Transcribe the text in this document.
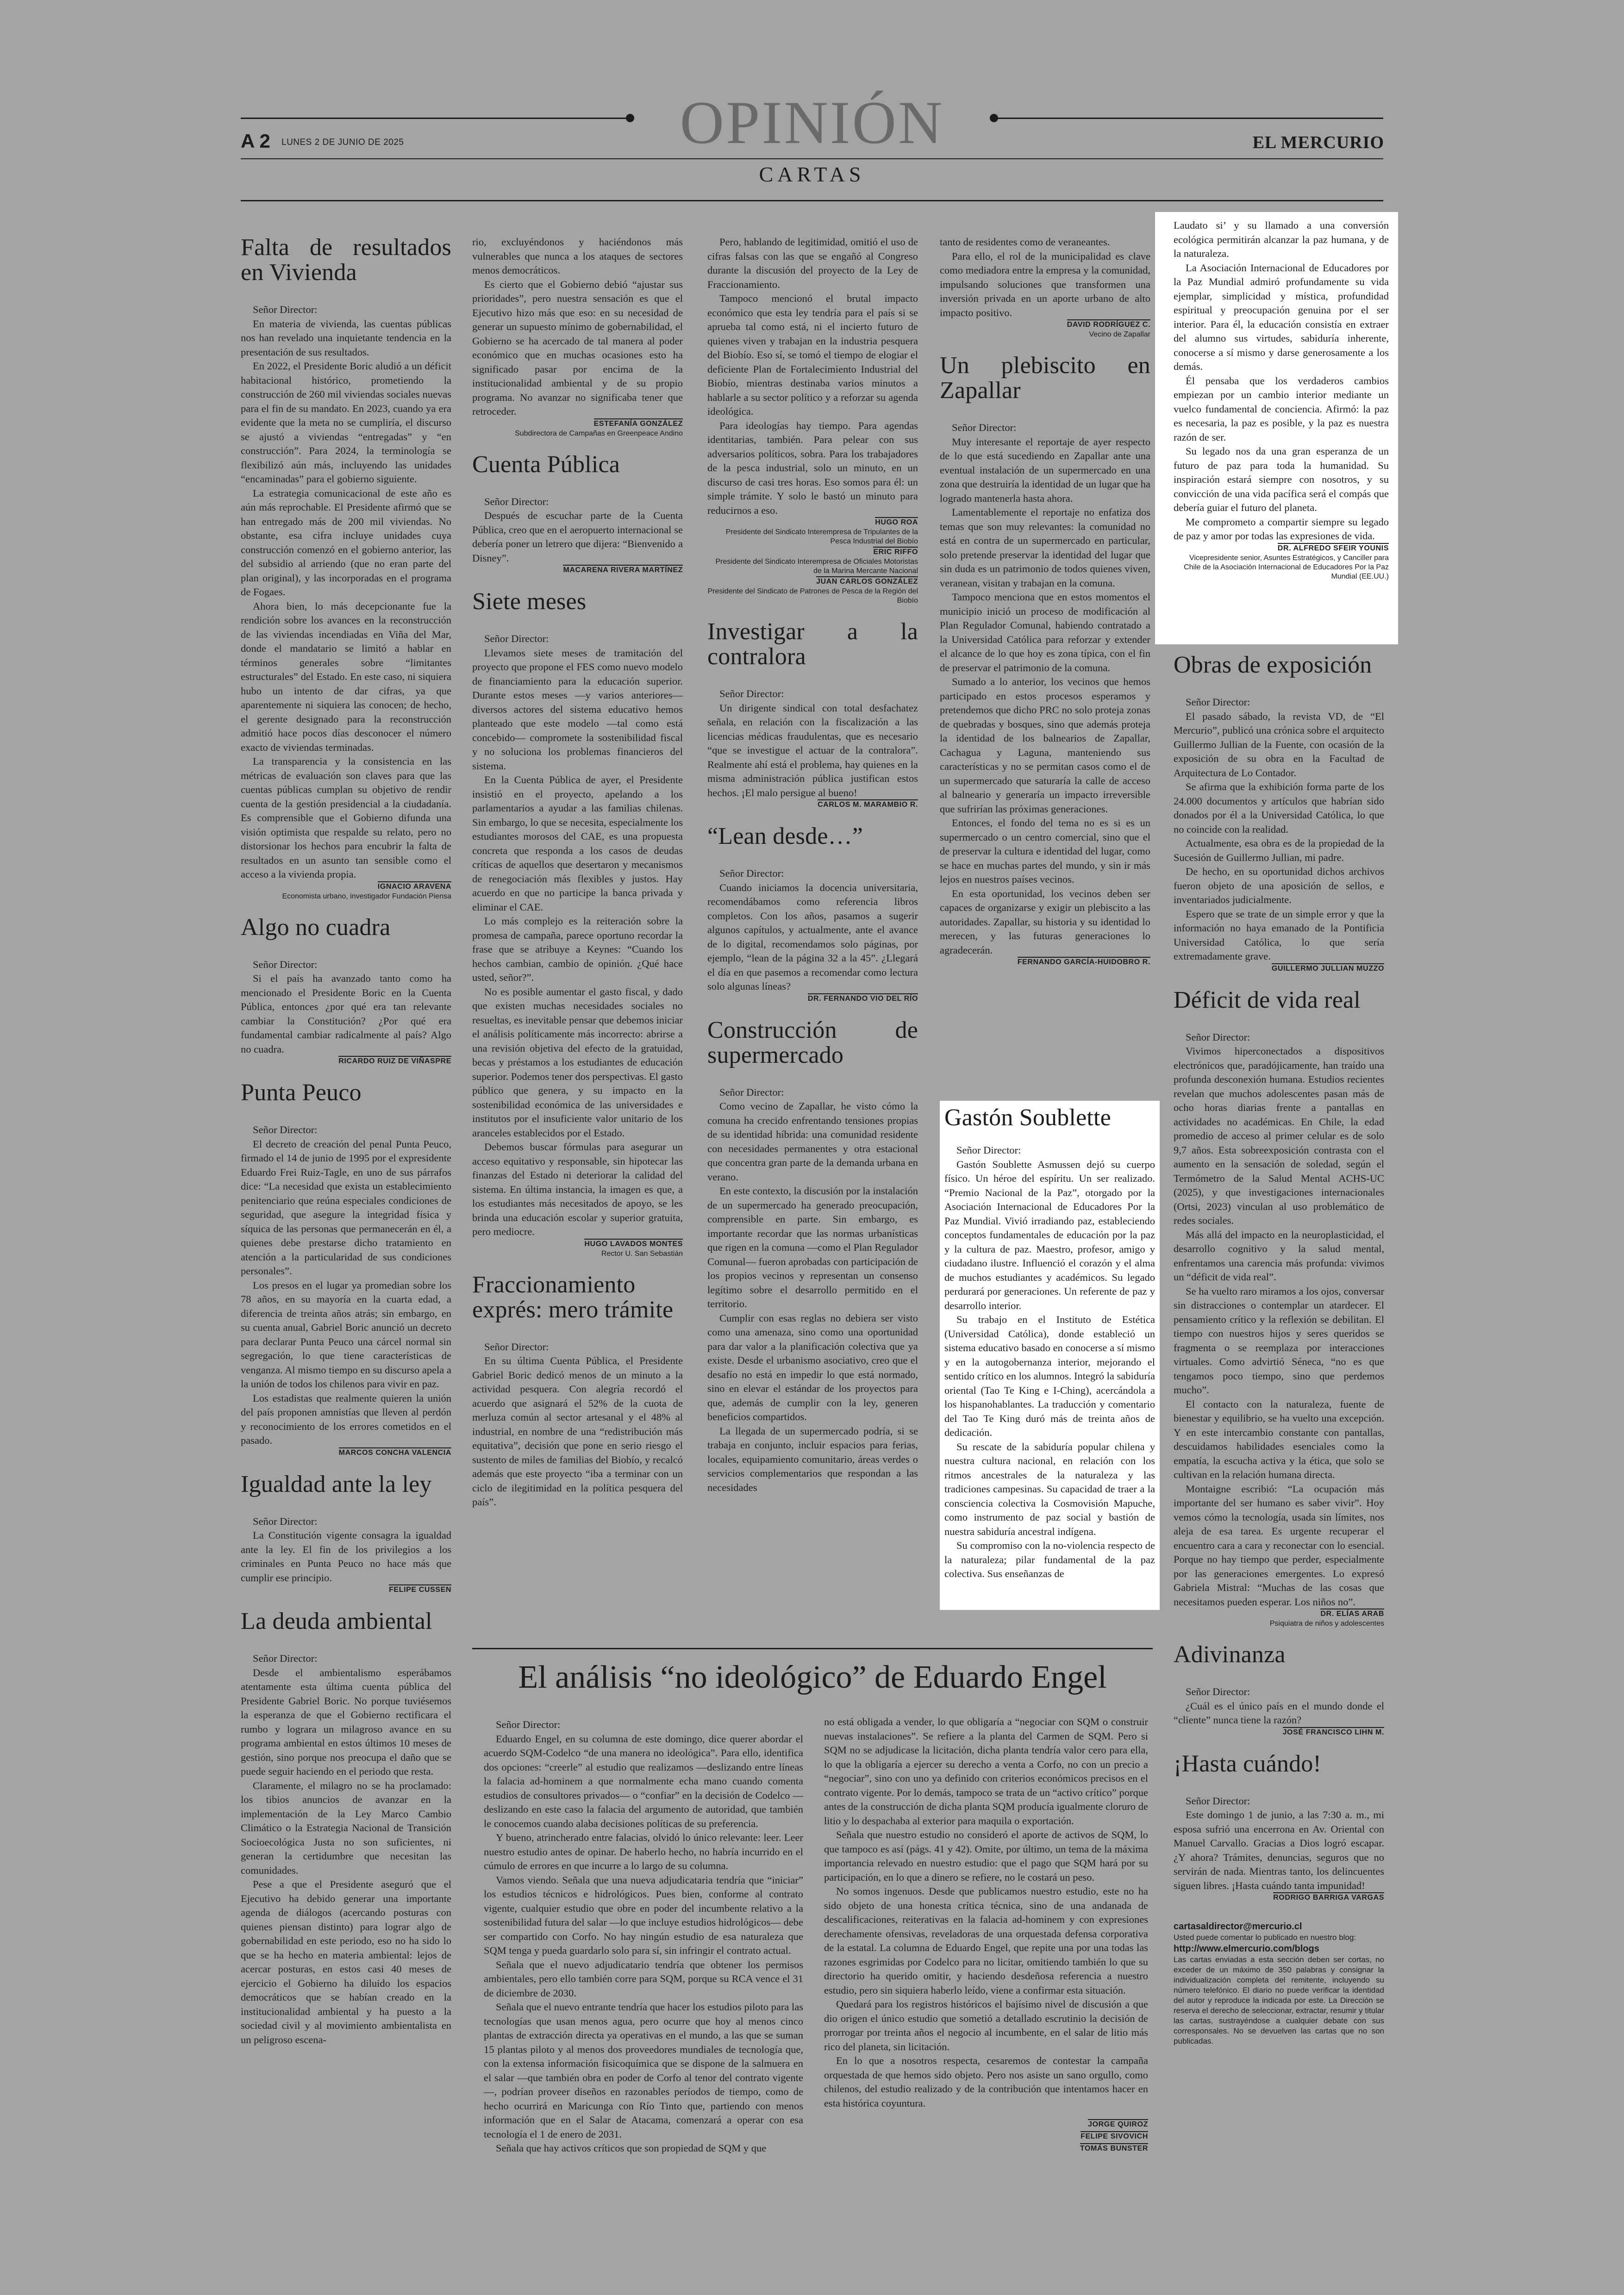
OPINIÓN
A 2 LUNES 2 DE JUNIO DE 2025	EL MERCURIO
CARTAS
Falta de resultados en Vivienda

Señor Director:

En materia de vivienda, las cuentas públicas nos han revelado una inquietante tendencia en la presentación de sus resultados.

En 2022, el Presidente Boric aludió a un déficit habitacional histórico, prometiendo la construcción de 260 mil viviendas sociales nuevas para el fin de su mandato. En 2023, cuando ya era evidente que la meta no se cumpliría, el discurso se ajustó a viviendas “entregadas” y “en construcción”. Para 2024, la terminología se flexibilizó aún más, incluyendo las unidades “encaminadas” para el gobierno siguiente.

La estrategia comunicacional de este año es aún más reprochable. El Presidente afirmó que se han entregado más de 200 mil viviendas. No obstante, esa cifra incluye unidades cuya construcción comenzó en el gobierno anterior, las del subsidio al arriendo (que no eran parte del plan original), y las incorporadas en el programa de Fogaes.

Ahora bien, lo más decepcionante fue la rendición sobre los avances en la reconstrucción de las viviendas incendiadas en Viña del Mar, donde el mandatario se limitó a hablar en términos generales sobre “limitantes estructurales” del Estado. En este caso, ni siquiera hubo un intento de dar cifras, ya que aparentemente ni siquiera las conocen; de hecho, el gerente designado para la reconstrucción admitió hace pocos días desconocer el número exacto de viviendas terminadas.

La transparencia y la consistencia en las métricas de evaluación son claves para que las cuentas públicas cumplan su objetivo de rendir cuenta de la gestión presidencial a la ciudadanía. Es comprensible que el Gobierno difunda una visión optimista que respalde su relato, pero no distorsionar los hechos para encubrir la falta de resultados en un asunto tan sensible como el acceso a la vivienda propia.

IGNACIO ARAVENA

Economista urbano, investigador Fundación Piensa

Algo no cuadra

Señor Director:

Si el país ha avanzado tanto como ha mencionado el Presidente Boric en la Cuenta Pública, entonces ¿por qué era tan relevante cambiar la Constitución? ¿Por qué era fundamental cambiar radicalmente al país? Algo no cuadra.

RICARDO RUIZ DE VIÑASPRE

Punta Peuco

Señor Director:

El decreto de creación del penal Punta Peuco, firmado el 14 de junio de 1995 por el expresidente Eduardo Frei Ruiz-Tagle, en uno de sus párrafos dice: “La necesidad que exista un establecimiento penitenciario que reúna especiales condiciones de seguridad, que asegure la integridad física y síquica de las personas que permanecerán en él, a quienes debe prestarse dicho tratamiento en atención a la particularidad de sus condiciones personales”.

Los presos en el lugar ya promedian sobre los 78 años, en su mayoría en la cuarta edad, a diferencia de treinta años atrás; sin embargo, en su cuenta anual, Gabriel Boric anunció un decreto para declarar Punta Peuco una cárcel normal sin segregación, lo que tiene características de venganza. Al mismo tiempo en su discurso apela a la unión de todos los chilenos para vivir en paz.

Los estadistas que realmente quieren la unión del país proponen amnistías que lleven al perdón y reconocimiento de los errores cometidos en el pasado.

MARCOS CONCHA VALENCIA

Igualdad ante la ley

Señor Director:

La Constitución vigente consagra la igualdad ante la ley. El fin de los privilegios a los criminales en Punta Peuco no hace más que cumplir ese principio.

FELIPE CUSSEN

La deuda ambiental

Señor Director:

Desde el ambientalismo esperábamos atentamente esta última cuenta pública del Presidente Gabriel Boric. No porque tuviésemos la esperanza de que el Gobierno rectificara el rumbo y lograra un milagroso avance en su programa ambiental en estos últimos 10 meses de gestión, sino porque nos preocupa el daño que se puede seguir haciendo en el periodo que resta.

Claramente, el milagro no se ha proclamado: los tibios anuncios de avanzar en la implementación de la Ley Marco Cambio Climático o la Estrategia Nacional de Transición Socioecológica Justa no son suficientes, ni generan la certidumbre que necesitan las comunidades.

Pese a que el Presidente aseguró que el Ejecutivo ha debido generar una importante agenda de diálogos (acercando posturas con quienes piensan distinto) para lograr algo de gobernabilidad en este periodo, eso no ha sido lo que se ha hecho en materia ambiental: lejos de acercar posturas, en estos casi 40 meses de ejercicio el Gobierno ha diluido los espacios democráticos que se habían creado en la institucionalidad ambiental y ha puesto a la sociedad civil y al movimiento ambientalista en un peligroso escena-

rio, excluyéndonos y haciéndonos más vulnerables que nunca a los ataques de sectores menos democráticos.

Es cierto que el Gobierno debió “ajustar sus prioridades”, pero nuestra sensación es que el Ejecutivo hizo más que eso: en su necesidad de generar un supuesto mínimo de gobernabilidad, el Gobierno se ha acercado de tal manera al poder económico que en muchas ocasiones esto ha significado pasar por encima de la institucionalidad ambiental y de su propio programa. No avanzar no significaba tener que retroceder.

ESTEFANÍA GONZÁLEZ

Subdirectora de Campañas en Greenpeace Andino

Cuenta Pública

Señor Director:

Después de escuchar parte de la Cuenta Pública, creo que en el aeropuerto internacional se debería poner un letrero que dijera: “Bienvenido a Disney”.

MACARENA RIVERA MARTÍNEZ

Siete meses

Señor Director:

Llevamos siete meses de tramitación del proyecto que propone el FES como nuevo modelo de financiamiento para la educación superior. Durante estos meses —y varios anteriores— diversos actores del sistema educativo hemos planteado que este modelo —tal como está concebido— compromete la sostenibilidad fiscal y no soluciona los problemas financieros del sistema.

En la Cuenta Pública de ayer, el Presidente insistió en el proyecto, apelando a los parlamentarios a ayudar a las familias chilenas. Sin embargo, lo que se necesita, especialmente los estudiantes morosos del CAE, es una propuesta concreta que responda a los casos de deudas críticas de aquellos que desertaron y mecanismos de renegociación más flexibles y justos. Hay acuerdo en que no participe la banca privada y eliminar el CAE.

Lo más complejo es la reiteración sobre la promesa de campaña, parece oportuno recordar la frase que se atribuye a Keynes: “Cuando los hechos cambian, cambio de opinión. ¿Qué hace usted, señor?”.

No es posible aumentar el gasto fiscal, y dado que existen muchas necesidades sociales no resueltas, es inevitable pensar que debemos iniciar el análisis políticamente más incorrecto: abrirse a una revisión objetiva del efecto de la gratuidad, becas y préstamos a los estudiantes de educación superior. Podemos tener dos perspectivas. El gasto público que genera, y su impacto en la sostenibilidad económica de las universidades e institutos por el insuficiente valor unitario de los aranceles establecidos por el Estado.

Debemos buscar fórmulas para asegurar un acceso equitativo y responsable, sin hipotecar las finanzas del Estado ni deteriorar la calidad del sistema. En última instancia, la imagen es que, a los estudiantes más necesitados de apoyo, se les brinda una educación escolar y superior gratuita, pero mediocre.

HUGO LAVADOS MONTES

Rector U. San Sebastián

Fraccionamiento exprés: mero trámite

Señor Director:

En su última Cuenta Pública, el Presidente Gabriel Boric dedicó menos de un minuto a la actividad pesquera. Con alegría recordó el acuerdo que asignará el 52% de la cuota de merluza común al sector artesanal y el 48% al industrial, en nombre de una “redistribución más equitativa”, decisión que pone en serio riesgo el sustento de miles de familias del Biobío, y recalcó además que este proyecto “iba a terminar con un ciclo de ilegitimidad en la política pesquera del país”.

Pero, hablando de legitimidad, omitió el uso de cifras falsas con las que se engañó al Congreso durante la discusión del proyecto de la Ley de Fraccionamiento.

Tampoco mencionó el brutal impacto económico que esta ley tendría para el país si se aprueba tal como está, ni el incierto futuro de quienes viven y trabajan en la industria pesquera del Biobío. Eso sí, se tomó el tiempo de elogiar el deficiente Plan de Fortalecimiento Industrial del Biobío, mientras destinaba varios minutos a hablarle a su sector político y a reforzar su agenda ideológica.

Para ideologías hay tiempo. Para agendas identitarias, también. Para pelear con sus adversarios políticos, sobra. Para los trabajadores de la pesca industrial, solo un minuto, en un discurso de casi tres horas. Eso somos para él: un simple trámite. Y solo le bastó un minuto para reducirnos a eso.

HUGO ROA

Presidente del Sindicato Interempresa de Tripulantes de la Pesca Industrial del Biobío

ERIC RIFFO

Presidente del Sindicato Interempresa de Oficiales Motoristas de la Marina Mercante Nacional

JUAN CARLOS GONZÁLEZ

Presidente del Sindicato de Patrones de Pesca de la Región del Biobío

Investigar a la contralora

Señor Director:

Un dirigente sindical con total desfachatez señala, en relación con la fiscalización a las licencias médicas fraudulentas, que es necesario “que se investigue el actuar de la contralora”. Realmente ahí está el problema, hay quienes en la misma administración pública justifican estos hechos. ¡El malo persigue al bueno!

CARLOS M. MARAMBIO R.

“Lean desde…”

Señor Director:

Cuando iniciamos la docencia universitaria, recomendábamos como referencia libros completos. Con los años, pasamos a sugerir algunos capítulos, y actualmente, ante el avance de lo digital, recomendamos solo páginas, por ejemplo, “lean de la página 32 a la 45”. ¿Llegará el día en que pasemos a recomendar como lectura solo algunas líneas?

DR. FERNANDO VIO DEL RÍO

Construcción de supermercado

Señor Director:

Como vecino de Zapallar, he visto cómo la comuna ha crecido enfrentando tensiones propias de su identidad híbrida: una comunidad residente con necesidades permanentes y otra estacional que concentra gran parte de la demanda urbana en verano.

En este contexto, la discusión por la instalación de un supermercado ha generado preocupación, comprensible en parte. Sin embargo, es importante recordar que las normas urbanísticas que rigen en la comuna —como el Plan Regulador Comunal— fueron aprobadas con participación de los propios vecinos y representan un consenso legítimo sobre el desarrollo permitido en el territorio.

Cumplir con esas reglas no debiera ser visto como una amenaza, sino como una oportunidad para dar valor a la planificación colectiva que ya existe. Desde el urbanismo asociativo, creo que el desafío no está en impedir lo que está normado, sino en elevar el estándar de los proyectos para que, además de cumplir con la ley, generen beneficios compartidos.

La llegada de un supermercado podría, si se trabaja en conjunto, incluir espacios para ferias, locales, equipamiento comunitario, áreas verdes o servicios complementarios que respondan a las necesidades

tanto de residentes como de veraneantes.

Para ello, el rol de la municipalidad es clave como mediadora entre la empresa y la comunidad, impulsando soluciones que transformen una inversión privada en un aporte urbano de alto impacto positivo.

DAVID RODRÍGUEZ C.

Vecino de Zapallar

Un plebiscito en Zapallar

Señor Director:

Muy interesante el reportaje de ayer respecto de lo que está sucediendo en Zapallar ante una eventual instalación de un supermercado en una zona que destruiría la identidad de un lugar que ha logrado mantenerla hasta ahora.

Lamentablemente el reportaje no enfatiza dos temas que son muy relevantes: la comunidad no está en contra de un supermercado en particular, solo pretende preservar la identidad del lugar que sin duda es un patrimonio de todos quienes viven, veranean, visitan y trabajan en la comuna.

Tampoco menciona que en estos momentos el municipio inició un proceso de modificación al Plan Regulador Comunal, habiendo contratado a la Universidad Católica para reforzar y extender el alcance de lo que hoy es zona típica, con el fin de preservar el patrimonio de la comuna.

Sumado a lo anterior, los vecinos que hemos participado en estos procesos esperamos y pretendemos que dicho PRC no solo proteja zonas de quebradas y bosques, sino que además proteja la identidad de los balnearios de Zapallar, Cachagua y Laguna, manteniendo sus características y no se permitan casos como el de un supermercado que saturaría la calle de acceso al balneario y generaría un impacto irreversible que sufrirían las próximas generaciones.

Entonces, el fondo del tema no es si es un supermercado o un centro comercial, sino que el de preservar la cultura e identidad del lugar, como se hace en muchas partes del mundo, y sin ir más lejos en nuestros países vecinos.

En esta oportunidad, los vecinos deben ser capaces de organizarse y exigir un plebiscito a las autoridades. Zapallar, su historia y su identidad lo merecen, y las futuras generaciones lo agradecerán.

FERNANDO GARCÍA-HUIDOBRO R.

Gastón Soublette

Señor Director:

Gastón Soublette Asmussen dejó su cuerpo físico. Un héroe del espíritu. Un ser realizado. “Premio Nacional de la Paz”, otorgado por la Asociación Internacional de Educadores Por la Paz Mundial. Vivió irradiando paz, estableciendo conceptos fundamentales de educación por la paz y la cultura de paz. Maestro, profesor, amigo y ciudadano ilustre. Influenció el corazón y el alma de muchos estudiantes y académicos. Su legado perdurará por generaciones. Un referente de paz y desarrollo interior.

Su trabajo en el Instituto de Estética (Universidad Católica), donde estableció un sistema educativo basado en conocerse a sí mismo y en la autogobernanza interior, mejorando el sentido crítico en los alumnos. Integró la sabiduría oriental (Tao Te King e I-Ching), acercándola a los hispanohablantes. La traducción y comentario del Tao Te King duró más de treinta años de dedicación.

Su rescate de la sabiduría popular chilena y nuestra cultura nacional, en relación con los ritmos ancestrales de la naturaleza y las tradiciones campesinas. Su capacidad de traer a la consciencia colectiva la Cosmovisión Mapuche, como instrumento de paz social y bastión de nuestra sabiduría ancestral indígena.

Su compromiso con la no-violencia respecto de la naturaleza; pilar fundamental de la paz colectiva. Sus enseñanzas de

Laudato si’ y su llamado a una conversión ecológica permitirán alcanzar la paz humana, y de la naturaleza.

La Asociación Internacional de Educadores por la Paz Mundial admiró profundamente su vida ejemplar, simplicidad y mística, profundidad espiritual y preocupación genuina por el ser interior. Para él, la educación consistía en extraer del alumno sus virtudes, sabiduría inherente, conocerse a sí mismo y darse generosamente a los demás.

Él pensaba que los verdaderos cambios empiezan por un cambio interior mediante un vuelco fundamental de conciencia. Afirmó: la paz es necesaria, la paz es posible, y la paz es nuestra razón de ser.

Su legado nos da una gran esperanza de un futuro de paz para toda la humanidad. Su inspiración estará siempre con nosotros, y su convicción de una vida pacífica será el compás que debería guiar el futuro del planeta.

Me comprometo a compartir siempre su legado de paz y amor por todas las expresiones de vida.

DR. ALFREDO SFEIR YOUNIS

Vicepresidente senior, Asuntes Estratégicos, y Canciller para Chile de la Asociación Internacional de Educadores Por la Paz Mundial (EE.UU.)

Obras de exposición

Señor Director:

El pasado sábado, la revista VD, de “El Mercurio”, publicó una crónica sobre el arquitecto Guillermo Jullian de la Fuente, con ocasión de la exposición de su obra en la Facultad de Arquitectura de Lo Contador.

Se afirma que la exhibición forma parte de los 24.000 documentos y artículos que habrían sido donados por él a la Universidad Católica, lo que no coincide con la realidad.

Actualmente, esa obra es de la propiedad de la Sucesión de Guillermo Jullian, mi padre.

De hecho, en su oportunidad dichos archivos fueron objeto de una aposición de sellos, e inventariados judicialmente.

Espero que se trate de un simple error y que la información no haya emanado de la Pontificia Universidad Católica, lo que sería extremadamente grave.

GUILLERMO JULLIAN MUZZO

Déficit de vida real

Señor Director:

Vivimos hiperconectados a dispositivos electrónicos que, paradójicamente, han traído una profunda desconexión humana. Estudios recientes revelan que muchos adolescentes pasan más de ocho horas diarias frente a pantallas en actividades no académicas. En Chile, la edad promedio de acceso al primer celular es de solo 9,7 años. Esta sobreexposición contrasta con el aumento en la sensación de soledad, según el Termómetro de la Salud Mental ACHS-UC (2025), y que investigaciones internacionales (Ortsi, 2023) vinculan al uso problemático de redes sociales.

Más allá del impacto en la neuroplasticidad, el desarrollo cognitivo y la salud mental, enfrentamos una carencia más profunda: vivimos un “déficit de vida real”.

Se ha vuelto raro miramos a los ojos, conversar sin distracciones o contemplar un atardecer. El pensamiento crítico y la reflexión se debilitan. El tiempo con nuestros hijos y seres queridos se fragmenta o se reemplaza por interacciones virtuales. Como advirtió Séneca, “no es que tengamos poco tiempo, sino que perdemos mucho”.

El contacto con la naturaleza, fuente de bienestar y equilibrio, se ha vuelto una excepción. Y en este intercambio constante con pantallas, descuidamos habilidades esenciales como la empatía, la escucha activa y la ética, que solo se cultivan en la relación humana directa.

Montaigne escribió: “La ocupación más importante del ser humano es saber vivir”. Hoy vemos cómo la tecnología, usada sin límites, nos aleja de esa tarea. Es urgente recuperar el encuentro cara a cara y reconectar con lo esencial. Porque no hay tiempo que perder, especialmente por las generaciones emergentes. Lo expresó Gabriela Mistral: “Muchas de las cosas que necesitamos pueden esperar. Los niños no”.

DR. ELÍAS ARAB

Psiquiatra de niños y adolescentes

Adivinanza

Señor Director:

¿Cuál es el único país en el mundo donde el “cliente” nunca tiene la razón?

JOSÉ FRANCISCO LIHN M.

¡Hasta cuándo!

Señor Director:

Este domingo 1 de junio, a las 7:30 a. m., mi esposa sufrió una encerrona en Av. Oriental con Manuel Carvallo. Gracias a Dios logró escapar. ¿Y ahora? Trámites, denuncias, seguros que no servirán de nada. Mientras tanto, los delincuentes siguen libres. ¡Hasta cuándo tanta impunidad!

RODRIGO BARRIGA VARGAS

cartasaldirector@mercurio.cl
Usted puede comentar lo publicado en nuestro blog:
http://www.elmercurio.com/blogs
Las cartas enviadas a esta sección deben ser cortas, no exceder de un máximo de 350 palabras y consignar la individualización completa del remitente, incluyendo su número telefónico. El diario no puede verificar la identidad del autor y reproduce la indicada por este. La Dirección se reserva el derecho de seleccionar, extractar, resumir y titular las cartas, sustrayéndose a cualquier debate con sus corresponsales. No se devuelven las cartas que no son publicadas.
El análisis “no ideológico” de Eduardo Engel

Señor Director:

Eduardo Engel, en su columna de este domingo, dice querer abordar el acuerdo SQM-Codelco “de una manera no ideológica”. Para ello, identifica dos opciones: “creerle” al estudio que realizamos —deslizando entre líneas la falacia ad-hominem a que normalmente echa mano cuando comenta estudios de consultores privados— o “confiar” en la decisión de Codelco —deslizando en este caso la falacia del argumento de autoridad, que también le conocemos cuando alaba decisiones políticas de su preferencia.

Y bueno, atrincherado entre falacias, olvidó lo único relevante: leer. Leer nuestro estudio antes de opinar. De haberlo hecho, no habría incurrido en el cúmulo de errores en que incurre a lo largo de su columna.

Vamos viendo. Señala que una nueva adjudicataria tendría que “iniciar” los estudios técnicos e hidrológicos. Pues bien, conforme al contrato vigente, cualquier estudio que obre en poder del incumbente relativo a la sostenibilidad futura del salar —lo que incluye estudios hidrológicos— debe ser compartido con Corfo. No hay ningún estudio de esa naturaleza que SQM tenga y pueda guardarlo solo para sí, sin infringir el contrato actual.

Señala que el nuevo adjudicatario tendría que obtener los permisos ambientales, pero ello también corre para SQM, porque su RCA vence el 31 de diciembre de 2030.

Señala que el nuevo entrante tendría que hacer los estudios piloto para las tecnologías que usan menos agua, pero ocurre que hoy al menos cinco plantas de extracción directa ya operativas en el mundo, a las que se suman 15 plantas piloto y al menos dos proveedores mundiales de tecnología que, con la extensa información fisicoquímica que se dispone de la salmuera en el salar —que también obra en poder de Corfo al tenor del contrato vigente—, podrían proveer diseños en razonables períodos de tiempo, como de hecho ocurrirá en Maricunga con Río Tinto que, partiendo con menos información que en el Salar de Atacama, comenzará a operar con esa tecnología el 1 de enero de 2031.

Señala que hay activos críticos que son propiedad de SQM y que

no está obligada a vender, lo que obligaría a “negociar con SQM o construir nuevas instalaciones”. Se refiere a la planta del Carmen de SQM. Pero si SQM no se adjudicase la licitación, dicha planta tendría valor cero para ella, lo que la obligaría a ejercer su derecho a venta a Corfo, no con un precio a “negociar”, sino con uno ya definido con criterios económicos precisos en el contrato vigente. Por lo demás, tampoco se trata de un “activo crítico” porque antes de la construcción de dicha planta SQM producía igualmente cloruro de litio y lo despachaba al exterior para maquila o exportación.

Señala que nuestro estudio no consideró el aporte de activos de SQM, lo que tampoco es así (págs. 41 y 42). Omite, por último, un tema de la máxima importancia relevado en nuestro estudio: que el pago que SQM hará por su participación, en lo que a dinero se refiere, no le costará un peso.

No somos ingenuos. Desde que publicamos nuestro estudio, este no ha sido objeto de una honesta crítica técnica, sino de una andanada de descalificaciones, reiterativas en la falacia ad-hominem y con expresiones derechamente ofensivas, reveladoras de una orquestada defensa corporativa de la estatal. La columna de Eduardo Engel, que repite una por una todas las razones esgrimidas por Codelco para no licitar, omitiendo también lo que su directorio ha querido omitir, y haciendo desdeñosa referencia a nuestro estudio, pero sin siquiera haberlo leído, viene a confirmar esta situación.

Quedará para los registros históricos el bajísimo nivel de discusión a que dio origen el único estudio que sometió a detallado escrutinio la decisión de prorrogar por treinta años el negocio al incumbente, en el salar de litio más rico del planeta, sin licitación.

En lo que a nosotros respecta, cesaremos de contestar la campaña orquestada de que hemos sido objeto. Pero nos asiste un sano orgullo, como chilenos, del estudio realizado y de la contribución que intentamos hacer en esta histórica coyuntura.

JORGE QUIROZ

FELIPE SIVOVICH

TOMÁS BUNSTER
